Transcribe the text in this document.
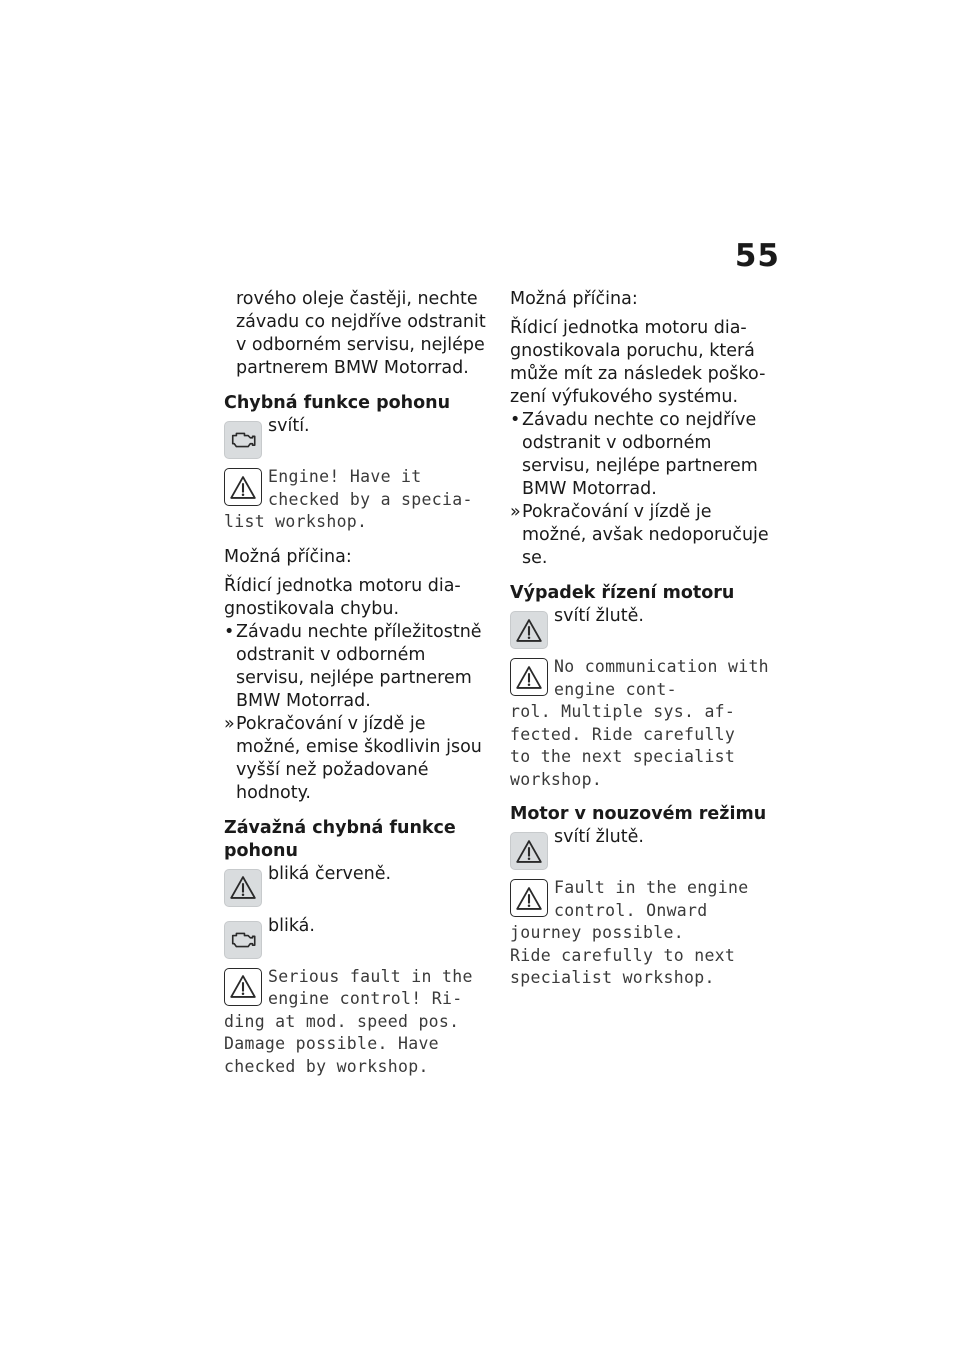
55

rového oleje častěji, nechte

závadu co nejdříve odstranit

v odborném servisu, nejlépe

partnerem BMW Motorrad.

Chybná funkce pohonu

svítí.
Engine! Have it checked by a specia-
list workshop.

Možná příčina:

Řídicí jednotka motoru dia-
gnostikovala chybu.

• Závadu nechte příležitostně odstranit v odborném servisu, nejlépe partnerem BMW Motorrad.
» Pokračování v jízdě je možné, emise škodlivin jsou vyšší než požadované hodnoty.

Závažná chybná funkce pohonu

bliká červeně.
bliká.
Serious fault in the engine control! Ri-
ding at mod. speed pos.
Damage possible. Have
checked by workshop.

Možná příčina:

Řídicí jednotka motoru dia-
gnostikovala poruchu, která
může mít za následek poško-
zení výfukového systému.

• Závadu nechte co nejdříve odstranit v odborném servisu, nejlépe partnerem BMW Motorrad.
» Pokračování v jízdě je možné, avšak nedoporučuje se.

Výpadek řízení motoru

svítí žlutě.
No communication with engine cont-
rol. Multiple sys. af-
fected. Ride carefully
to the next specialist
workshop.

Motor v nouzovém režimu

svítí žlutě.
Fault in the engine control. Onward
journey possible.
Ride carefully to next
specialist workshop.
